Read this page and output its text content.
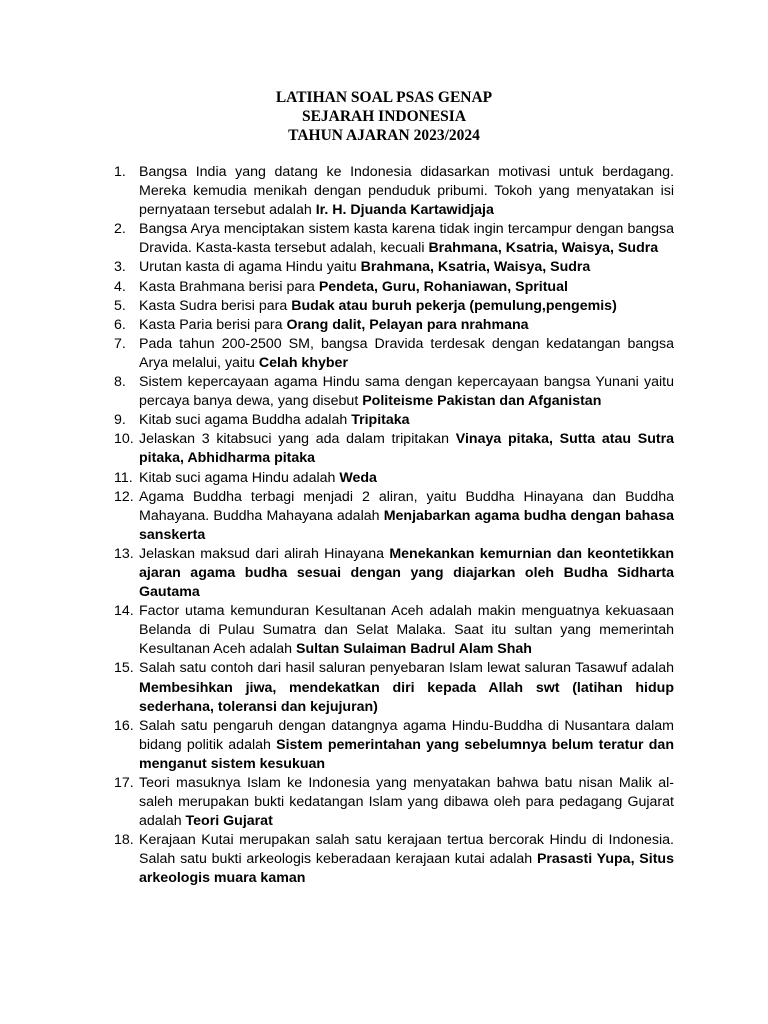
LATIHAN SOAL PSAS GENAP
SEJARAH INDONESIA
TAHUN AJARAN 2023/2024
1. Bangsa India yang datang ke Indonesia didasarkan motivasi untuk berdagang. Mereka kemudia menikah dengan penduduk pribumi. Tokoh yang menyatakan isi pernyataan tersebut adalah Ir. H. Djuanda Kartawidjaja
2. Bangsa Arya menciptakan sistem kasta karena tidak ingin tercampur dengan bangsa Dravida. Kasta-kasta tersebut adalah, kecuali Brahmana, Ksatria, Waisya, Sudra
3. Urutan kasta di agama Hindu yaitu Brahmana, Ksatria, Waisya, Sudra
4. Kasta Brahmana berisi para Pendeta, Guru, Rohaniawan, Spritual
5. Kasta Sudra berisi para Budak atau buruh pekerja (pemulung,pengemis)
6. Kasta Paria berisi para Orang dalit, Pelayan para nrahmana
7. Pada tahun 200-2500 SM, bangsa Dravida terdesak dengan kedatangan bangsa Arya melalui, yaitu Celah khyber
8. Sistem kepercayaan agama Hindu sama dengan kepercayaan bangsa Yunani yaitu percaya banya dewa, yang disebut Politeisme Pakistan dan Afganistan
9. Kitab suci agama Buddha adalah Tripitaka
10. Jelaskan 3 kitabsuci yang ada dalam tripitakan Vinaya pitaka, Sutta atau Sutra pitaka, Abhidharma pitaka
11. Kitab suci agama Hindu adalah Weda
12. Agama Buddha terbagi menjadi 2 aliran, yaitu Buddha Hinayana dan Buddha Mahayana. Buddha Mahayana adalah Menjabarkan agama budha dengan bahasa sanskerta
13. Jelaskan maksud dari alirah Hinayana Menekankan kemurnian dan keontetikkan ajaran agama budha sesuai dengan yang diajarkan oleh Budha Sidharta Gautama
14. Factor utama kemunduran Kesultanan Aceh adalah makin menguatnya kekuasaan Belanda di Pulau Sumatra dan Selat Malaka. Saat itu sultan yang memerintah Kesultanan Aceh adalah Sultan Sulaiman Badrul Alam Shah
15. Salah satu contoh dari hasil saluran penyebaran Islam lewat saluran Tasawuf adalah Membesihkan jiwa, mendekatkan diri kepada Allah swt (latihan hidup sederhana, toleransi dan kejujuran)
16. Salah satu pengaruh dengan datangnya agama Hindu-Buddha di Nusantara dalam bidang politik adalah Sistem pemerintahan yang sebelumnya belum teratur dan menganut sistem kesukuan
17. Teori masuknya Islam ke Indonesia yang menyatakan bahwa batu nisan Malik al-saleh merupakan bukti kedatangan Islam yang dibawa oleh para pedagang Gujarat adalah Teori Gujarat
18. Kerajaan Kutai merupakan salah satu kerajaan tertua bercorak Hindu di Indonesia. Salah satu bukti arkeologis keberadaan kerajaan kutai adalah Prasasti Yupa, Situs arkeologis muara kaman
